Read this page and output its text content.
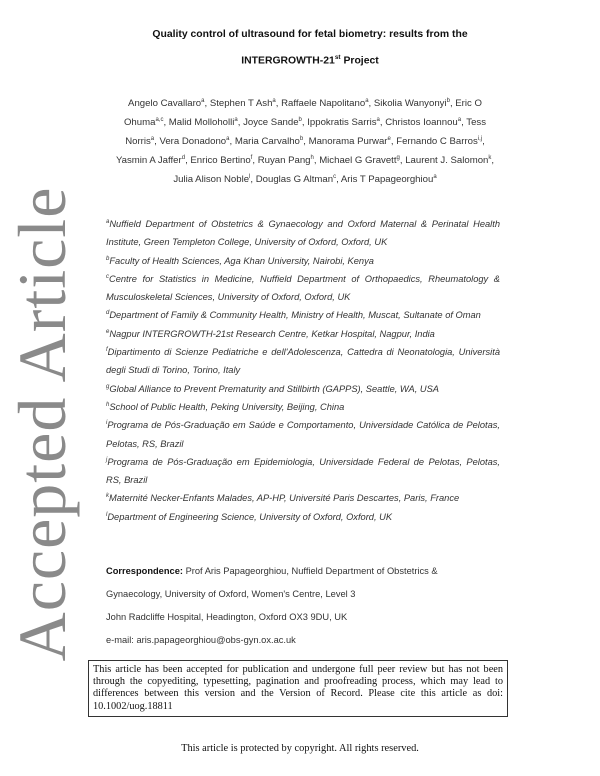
Accepted Article
Quality control of ultrasound for fetal biometry: results from the
INTERGROWTH-21st Project
Angelo Cavallaro$^a$, Stephen T Ash$^a$, Raffaele Napolitano$^a$, Sikolia Wanyonyi$^b$, Eric O Ohuma$^{a,c}$, Malid Molloholli$^a$, Joyce Sande$^b$, Ippokratis Sarris$^a$, Christos Ioannou$^a$, Tess Norris$^a$, Vera Donadono$^a$, Maria Carvalho$^b$, Manorama Purwar$^e$, Fernando C Barros$^{i,j}$, Yasmin A Jaffer$^d$, Enrico Bertino$^f$, Ruyan Pang$^h$, Michael G Gravett$^g$, Laurent J. Salomon$^k$, Julia Alison Noble$^l$, Douglas G Altman$^c$, Aris T Papageorghiou$^a$

$^a$Nuffield Department of Obstetrics & Gynaecology and Oxford Maternal & Perinatal Health Institute, Green Templeton College, University of Oxford, Oxford, UK

$^b$Faculty of Health Sciences, Aga Khan University, Nairobi, Kenya

$^c$Centre for Statistics in Medicine, Nuffield Department of Orthopaedics, Rheumatology & Musculoskeletal Sciences, University of Oxford, Oxford, UK

$^d$Department of Family & Community Health, Ministry of Health, Muscat, Sultanate of Oman

$^e$Nagpur INTERGROWTH-21st Research Centre, Ketkar Hospital, Nagpur, India

$^f$Dipartimento di Scienze Pediatriche e dell'Adolescenza, Cattedra di Neonatologia, Università degli Studi di Torino, Torino, Italy

$^g$Global Alliance to Prevent Prematurity and Stillbirth (GAPPS), Seattle, WA, USA

$^h$School of Public Health, Peking University, Beijing, China

$^i$Programa de Pós-Graduação em Saúde e Comportamento, Universidade Católica de Pelotas, Pelotas, RS, Brazil

$^j$Programa de Pós-Graduação em Epidemiologia, Universidade Federal de Pelotas, Pelotas, RS, Brazil

$^k$Maternité Necker-Enfants Malades, AP-HP, Université Paris Descartes, Paris, France

$^l$Department of Engineering Science, University of Oxford, Oxford, UK

Correspondence: Prof Aris Papageorghiou, Nuffield Department of Obstetrics &
Gynaecology, University of Oxford, Women's Centre, Level 3
John Radcliffe Hospital, Headington, Oxford OX3 9DU, UK
e-mail: aris.papageorghiou@obs-gyn.ox.ac.uk
This article has been accepted for publication and undergone full peer review but has not been through the copyediting, typesetting, pagination and proofreading process, which may lead to differences between this version and the Version of Record. Please cite this article as doi: 10.1002/uog.18811
This article is protected by copyright. All rights reserved.
